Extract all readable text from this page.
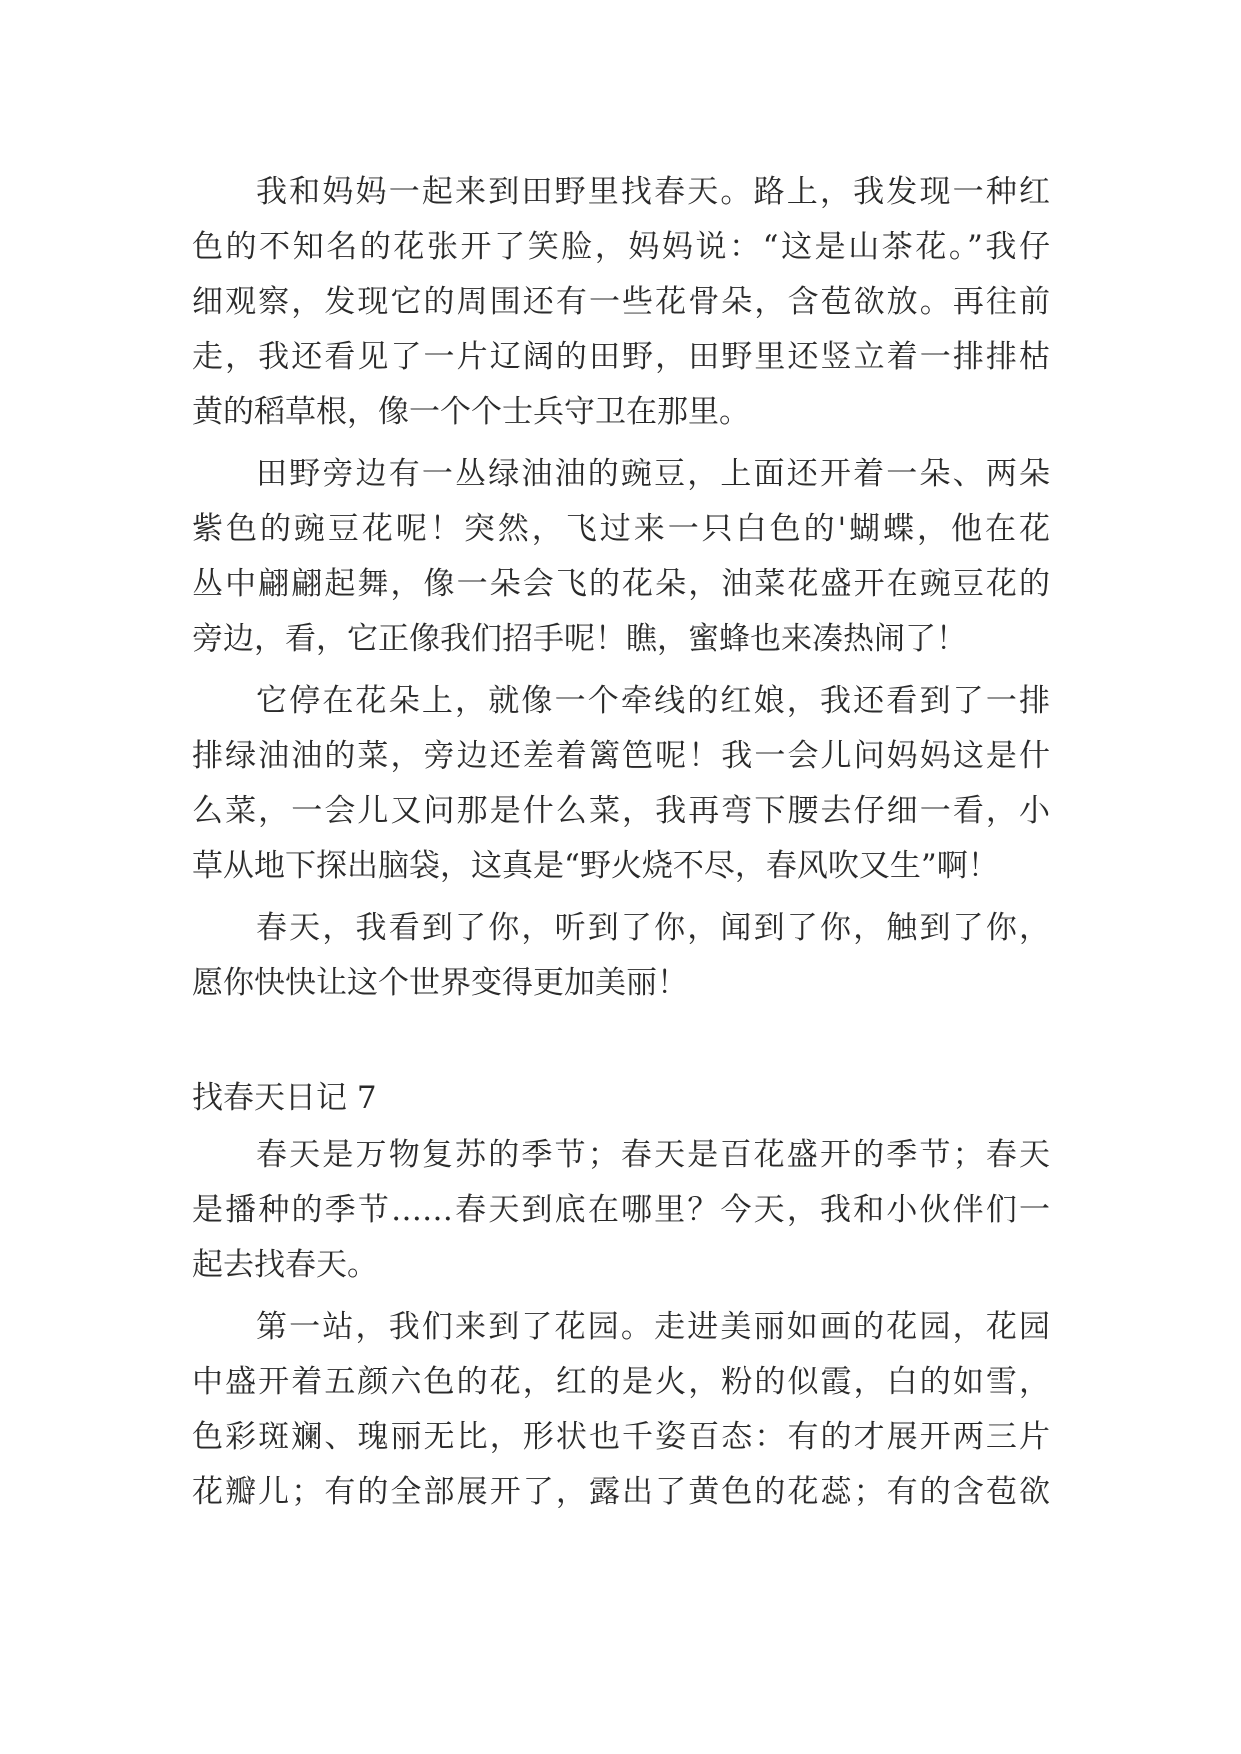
我和妈妈一起来到田野里找春天。路上，我发现一种红
色的不知名的花张开了笑脸，妈妈说：“这是山茶花。”我仔
细观察，发现它的周围还有一些花骨朵，含苞欲放。再往前
走，我还看见了一片辽阔的田野，田野里还竖立着一排排枯
黄的稻草根，像一个个士兵守卫在那里。
田野旁边有一丛绿油油的豌豆，上面还开着一朵、两朵
紫色的豌豆花呢！突然，飞过来一只白色的'蝴蝶，他在花
丛中翩翩起舞，像一朵会飞的花朵，油菜花盛开在豌豆花的
旁边，看，它正像我们招手呢！瞧，蜜蜂也来凑热闹了！
它停在花朵上，就像一个牵线的红娘，我还看到了一排
排绿油油的菜，旁边还差着篱笆呢！我一会儿问妈妈这是什
么菜，一会儿又问那是什么菜，我再弯下腰去仔细一看，小
草从地下探出脑袋，这真是“野火烧不尽，春风吹又生”啊！
春天，我看到了你，听到了你，闻到了你，触到了你，
愿你快快让这个世界变得更加美丽！
找春天日记 7
春天是万物复苏的季节；春天是百花盛开的季节；春天
是播种的季节……春天到底在哪里？今天，我和小伙伴们一
起去找春天。
第一站，我们来到了花园。走进美丽如画的花园，花园
中盛开着五颜六色的花，红的是火，粉的似霞，白的如雪，
色彩斑斓、瑰丽无比，形状也千姿百态：有的才展开两三片
花瓣儿；有的全部展开了，露出了黄色的花蕊；有的含苞欲
